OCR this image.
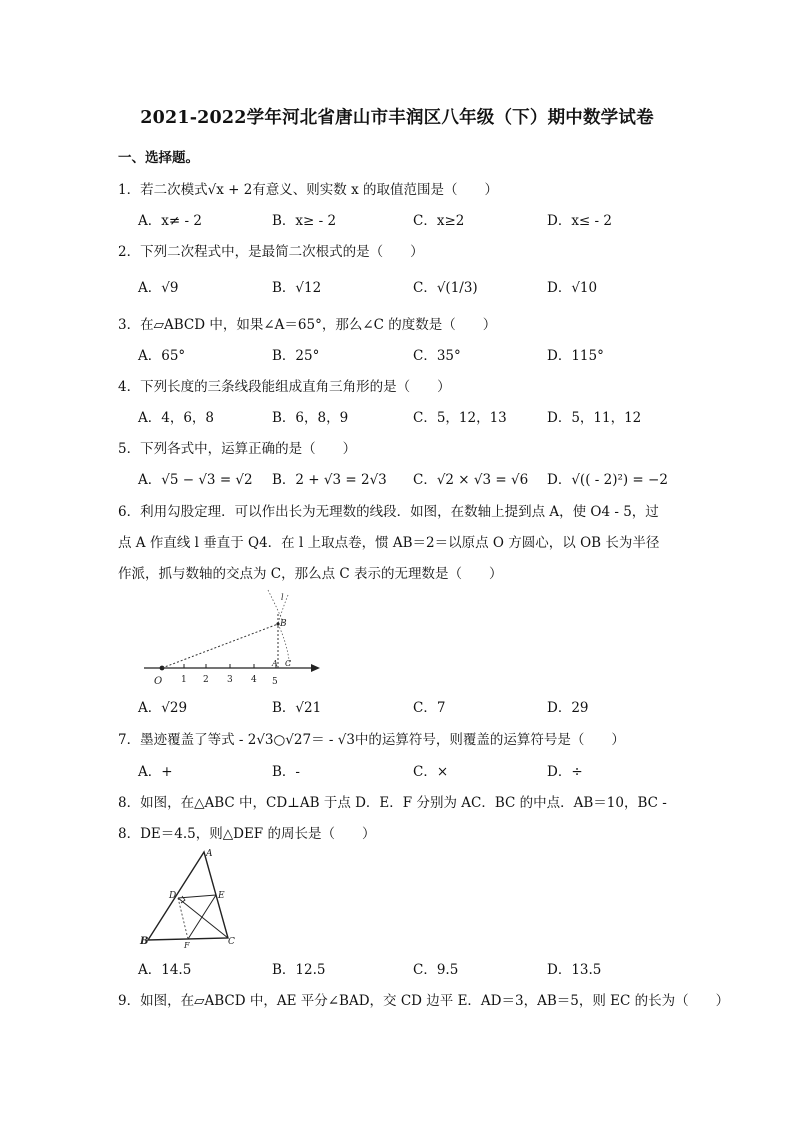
2021-2022学年河北省唐山市丰润区八年级（下）期中数学试卷
一、选择题。
1．若二次模式√x + 2有意义、则实数 x 的取值范围是（　　）
A．x≠ - 2	B．x≥ - 2	C．x≥2	D．x≤ - 2
2．下列二次程式中，是最简二次根式的是（　　）
A．√9	B．√12	C．√(1/3)	D．√10
3．在▱ABCD 中，如果∠A＝65°，那么∠C 的度数是（　　）
A．65°	B．25°	C．35°	D．115°
4．下列长度的三条线段能组成直角三角形的是（　　）
A．4，6，8	B．6，8，9	C．5，12，13	D．5，11，12
5．下列各式中，运算正确的是（　　）
A．√5 − √3 = √2 B．2 + √3 = 2√3 C．√2 × √3 = √6 D．√(( - 2)²) = −2
6．利用勾股定理．可以作出长为无理数的线段．如图，在数轴上提到点 A，使 O4 - 5，过
点 A 作直线 l 垂直于 Q4．在 l 上取点卷，惯 AB＝2＝以原点 O 方圆心，以 OB 长为半径
作派，抓与数轴的交点为 C，那么点 C 表示的无理数是（　　）
O 1 2 3 4 5
B
A C
l
A．√29	B．√21	C．7	D．29
7．墨迹覆盖了等式 - 2√3○√27＝ - √3中的运算符号，则覆盖的运算符号是（　　）
A．+	B．-	C．×	D．÷
8．如图，在△ABC 中，CD⊥AB 于点 D．E．F 分别为 AC．BC 的中点．AB＝10，BC -
8．DE＝4.5，则△DEF 的周长是（　　）
A
B	C
D	E
F
A．14.5	B．12.5	C．9.5	D．13.5
9．如图，在▱ABCD 中，AE 平分∠BAD，交 CD 边平 E．AD＝3，AB＝5，则 EC 的长为（　　）
